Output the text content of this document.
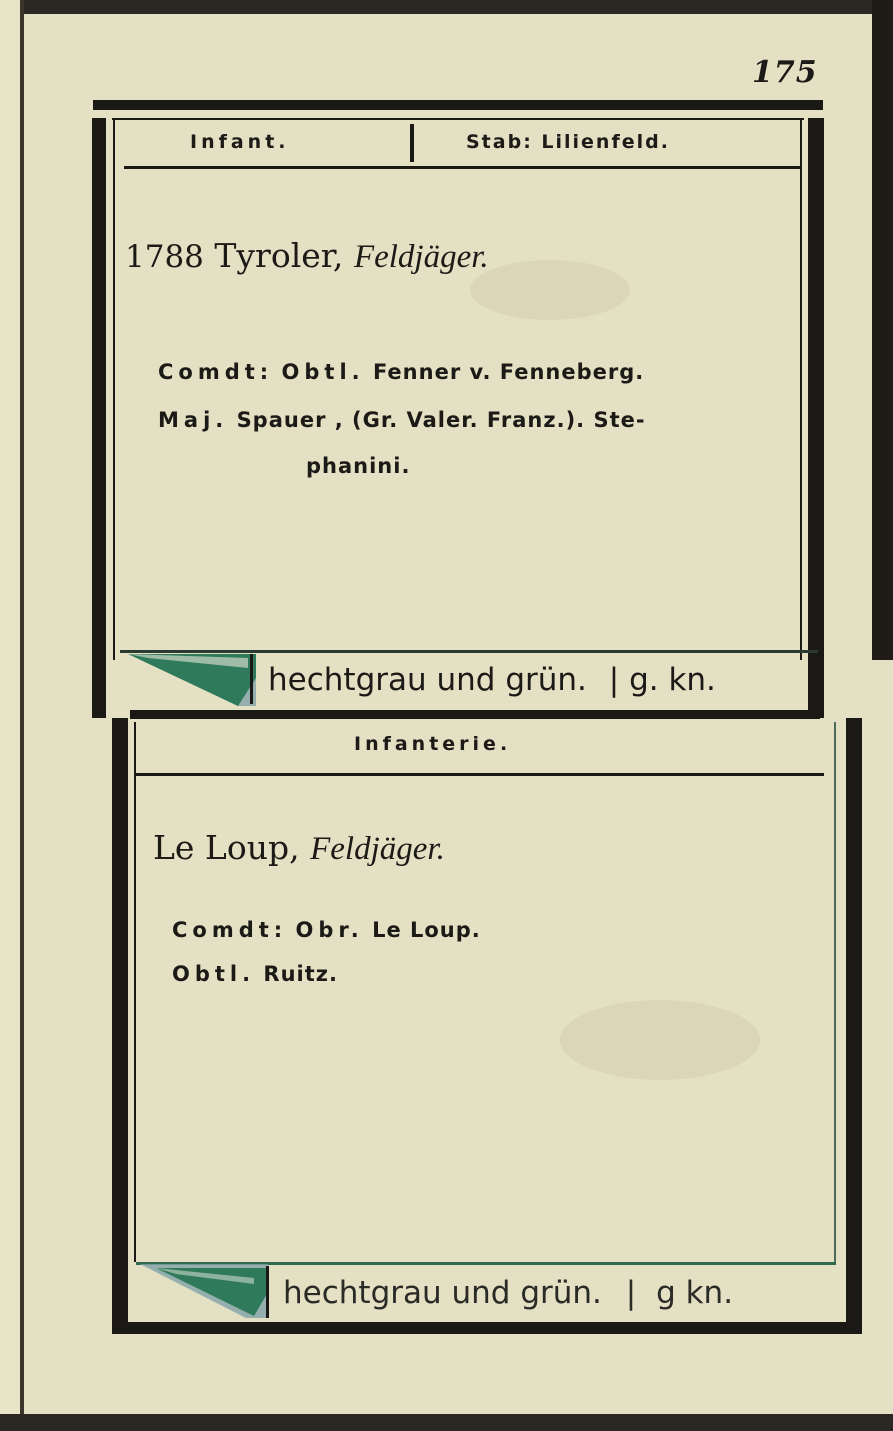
175
Infant.	Stab: Lilienfeld.
1788 Tyroler, Feldjäger.
Comdt: Obtl. Fenner v. Fenneberg.
Maj. Spauer , (Gr. Valer. Franz.). Ste-
phanini.
hechtgrau und grün. | g. kn.
Infanterie.
Le Loup, Feldjäger.
Comdt: Obr. Le Loup.
Obtl. Ruitz.
hechtgrau und grün. | g kn.
